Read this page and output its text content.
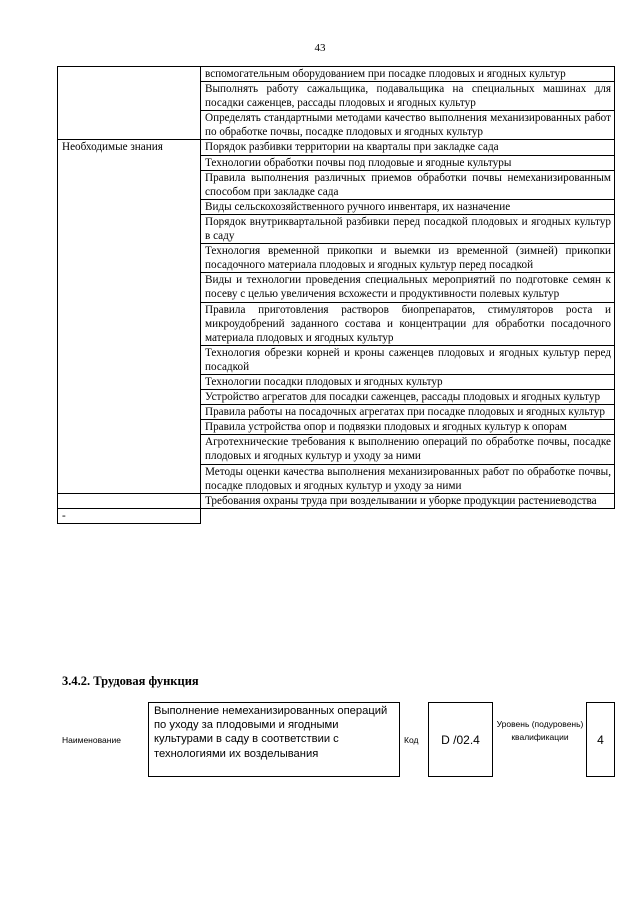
43
	вспомогательным оборудованием при посадке плодовых и ягодных культур
	Выполнять работу сажальщика, подавальщика на специальных машинах для посадки саженцев, рассады плодовых и ягодных культур
	Определять стандартными методами качество выполнения механизированных работ по обработке почвы, посадке плодовых и ягодных культур
Необходимые знания	Порядок разбивки территории на кварталы при закладке сада
	Технологии обработки почвы под плодовые и ягодные культуры
	Правила выполнения различных приемов обработки почвы немеханизированным способом при закладке сада
	Виды сельскохозяйственного ручного инвентаря, их назначение
	Порядок внутриквартальной разбивки перед посадкой плодовых и ягодных культур в саду
	Технология временной прикопки и выемки из временной (зимней) прикопки посадочного материала плодовых и ягодных культур перед посадкой
	Виды и технологии проведения специальных мероприятий по подготовке семян к посеву с целью увеличения всхожести и продуктивности полевых культур
	Правила приготовления растворов биопрепаратов, стимуляторов роста и микроудобрений заданного состава и концентрации для обработки посадочного материала плодовых и ягодных культур
	Технология обрезки корней и кроны саженцев плодовых и ягодных культур перед посадкой
	Технологии посадки плодовых и ягодных культур
	Устройство агрегатов для посадки саженцев, рассады плодовых и ягодных культур
	Правила работы на посадочных агрегатах при посадке плодовых и ягодных культур
	Правила устройства опор и подвязки плодовых и ягодных культур к опорам
	Агротехнические требования к выполнению операций по обработке почвы, посадке плодовых и ягодных культур и уходу за ними
	Методы оценки качества выполнения механизированных работ по обработке почвы, посадке плодовых и ягодных культур и уходу за ними
	Требования охраны труда при возделывании и уборке продукции растениеводства
-	
3.4.2. Трудовая функция
Наименование
Выполнение немеханизированных операций по уходу за плодовыми и ягодными культурами в саду в соответствии с технологиями их возделывания
Код	D /02.4
Уровень (подуровень) квалификации	4
